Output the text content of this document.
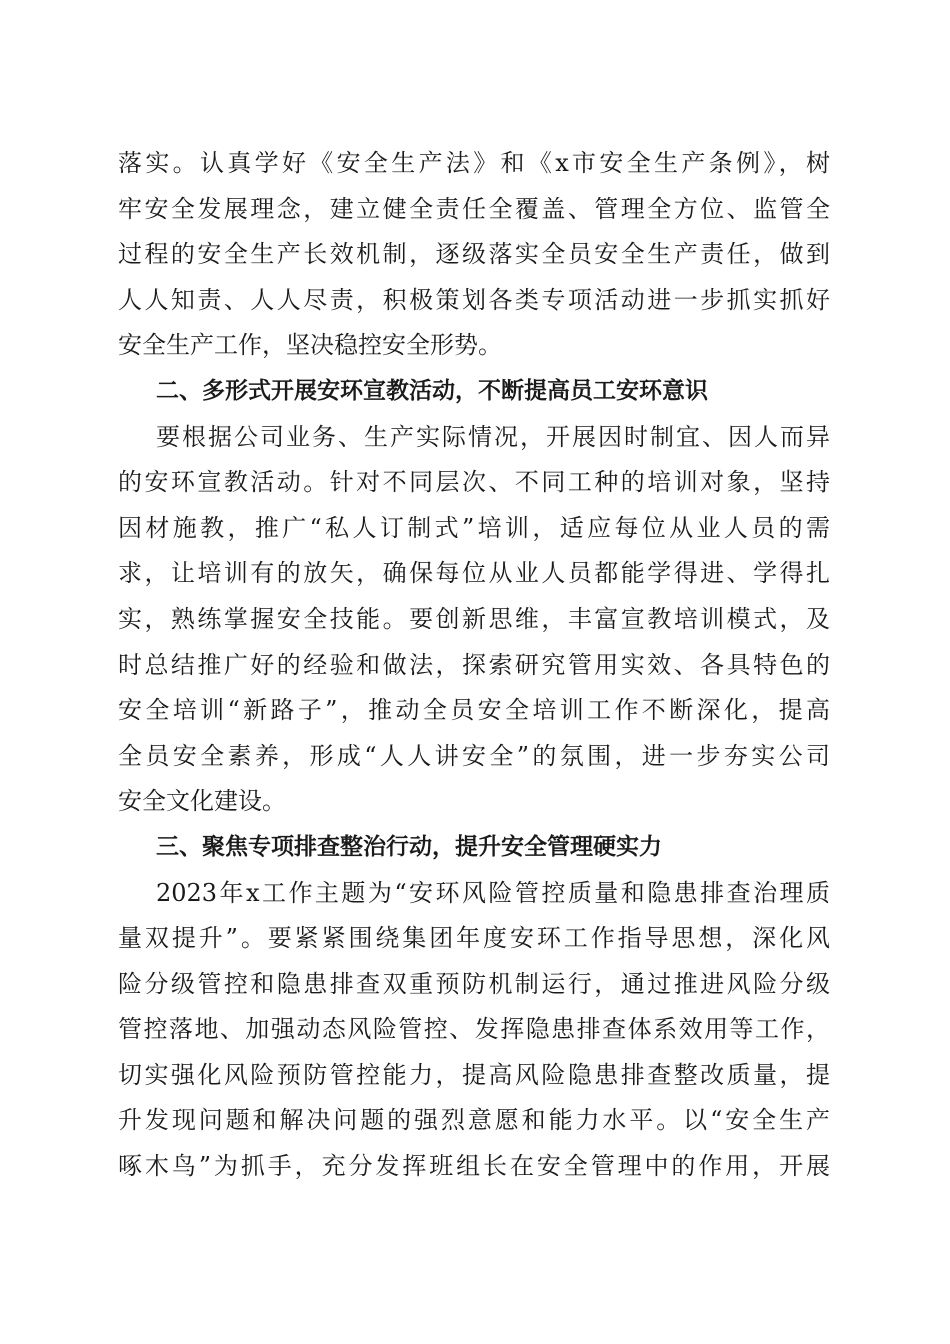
落实。认真学好《安全生产法》和《x市安全生产条例》，树
牢安全发展理念，建立健全责任全覆盖、管理全方位、监管全
过程的安全生产长效机制，逐级落实全员安全生产责任，做到
人人知责、人人尽责，积极策划各类专项活动进一步抓实抓好
安全生产工作，坚决稳控安全形势。
二、多形式开展安环宣教活动，不断提高员工安环意识
要根据公司业务、生产实际情况，开展因时制宜、因人而异
的安环宣教活动。针对不同层次、不同工种的培训对象，坚持
因材施教，推广“私人订制式”培训，适应每位从业人员的需
求，让培训有的放矢，确保每位从业人员都能学得进、学得扎
实，熟练掌握安全技能。要创新思维，丰富宣教培训模式，及
时总结推广好的经验和做法，探索研究管用实效、各具特色的
安全培训“新路子”，推动全员安全培训工作不断深化，提高
全员安全素养，形成“人人讲安全”的氛围，进一步夯实公司
安全文化建设。
三、聚焦专项排查整治行动，提升安全管理硬实力
2023年x工作主题为“安环风险管控质量和隐患排查治理质
量双提升”。要紧紧围绕集团年度安环工作指导思想，深化风
险分级管控和隐患排查双重预防机制运行，通过推进风险分级
管控落地、加强动态风险管控、发挥隐患排查体系效用等工作，
切实强化风险预防管控能力，提高风险隐患排查整改质量，提
升发现问题和解决问题的强烈意愿和能力水平。以“安全生产
啄木鸟”为抓手，充分发挥班组长在安全管理中的作用，开展
